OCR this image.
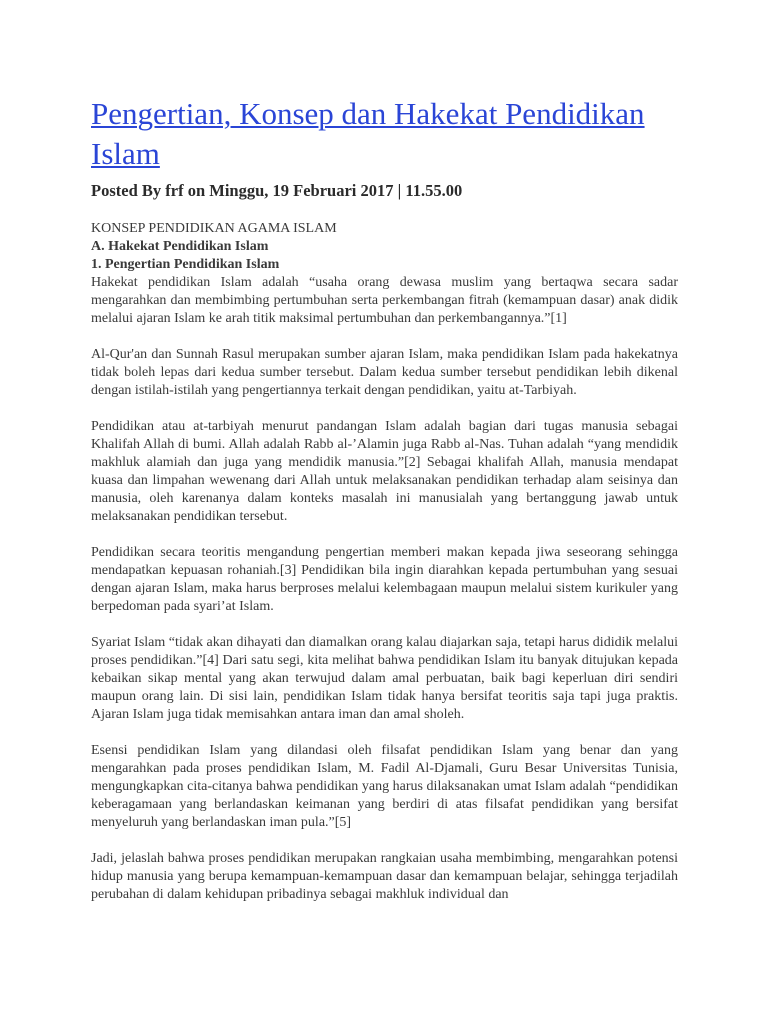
Pengertian, Konsep dan Hakekat Pendidikan Islam
Posted By frf on Minggu, 19 Februari 2017 | 11.55.00
KONSEP PENDIDIKAN AGAMA ISLAM
A. Hakekat Pendidikan Islam
1. Pengertian Pendidikan Islam

Hakekat pendidikan Islam adalah “usaha orang dewasa muslim yang bertaqwa secara sadar mengarahkan dan membimbing pertumbuhan serta perkembangan fitrah (kemampuan dasar) anak didik melalui ajaran Islam ke arah titik maksimal pertumbuhan dan perkembangannya.”[1]

Al-Qur'an dan Sunnah Rasul merupakan sumber ajaran Islam, maka pendidikan Islam pada hakekatnya tidak boleh lepas dari kedua sumber tersebut. Dalam kedua sumber tersebut pendidikan lebih dikenal dengan istilah-istilah yang pengertiannya terkait dengan pendidikan, yaitu at-Tarbiyah.

Pendidikan atau at-tarbiyah menurut pandangan Islam adalah bagian dari tugas manusia sebagai Khalifah Allah di bumi. Allah adalah Rabb al-’Alamin juga Rabb al-Nas. Tuhan adalah “yang mendidik makhluk alamiah dan juga yang mendidik manusia.”[2] Sebagai khalifah Allah, manusia mendapat kuasa dan limpahan wewenang dari Allah untuk melaksanakan pendidikan terhadap alam seisinya dan manusia, oleh karenanya dalam konteks masalah ini manusialah yang bertanggung jawab untuk melaksanakan pendidikan tersebut.

Pendidikan secara teoritis mengandung pengertian memberi makan kepada jiwa seseorang sehingga mendapatkan kepuasan rohaniah.[3] Pendidikan bila ingin diarahkan kepada pertumbuhan yang sesuai dengan ajaran Islam, maka harus berproses melalui kelembagaan maupun melalui sistem kurikuler yang berpedoman pada syari’at Islam.

Syariat Islam “tidak akan dihayati dan diamalkan orang kalau diajarkan saja, tetapi harus dididik melalui proses pendidikan.”[4] Dari satu segi, kita melihat bahwa pendidikan Islam itu banyak ditujukan kepada kebaikan sikap mental yang akan terwujud dalam amal perbuatan, baik bagi keperluan diri sendiri maupun orang lain. Di sisi lain, pendidikan Islam tidak hanya bersifat teoritis saja tapi juga praktis. Ajaran Islam juga tidak memisahkan antara iman dan amal sholeh.

Esensi pendidikan Islam yang dilandasi oleh filsafat pendidikan Islam yang benar dan yang mengarahkan pada proses pendidikan Islam, M. Fadil Al-Djamali, Guru Besar Universitas Tunisia, mengungkapkan cita-citanya bahwa pendidikan yang harus dilaksanakan umat Islam adalah “pendidikan keberagamaan yang berlandaskan keimanan yang berdiri di atas filsafat pendidikan yang bersifat menyeluruh yang berlandaskan iman pula.”[5]

Jadi, jelaslah bahwa proses pendidikan merupakan rangkaian usaha membimbing, mengarahkan potensi hidup manusia yang berupa kemampuan-kemampuan dasar dan kemampuan belajar, sehingga terjadilah perubahan di dalam kehidupan pribadinya sebagai makhluk individual dan
